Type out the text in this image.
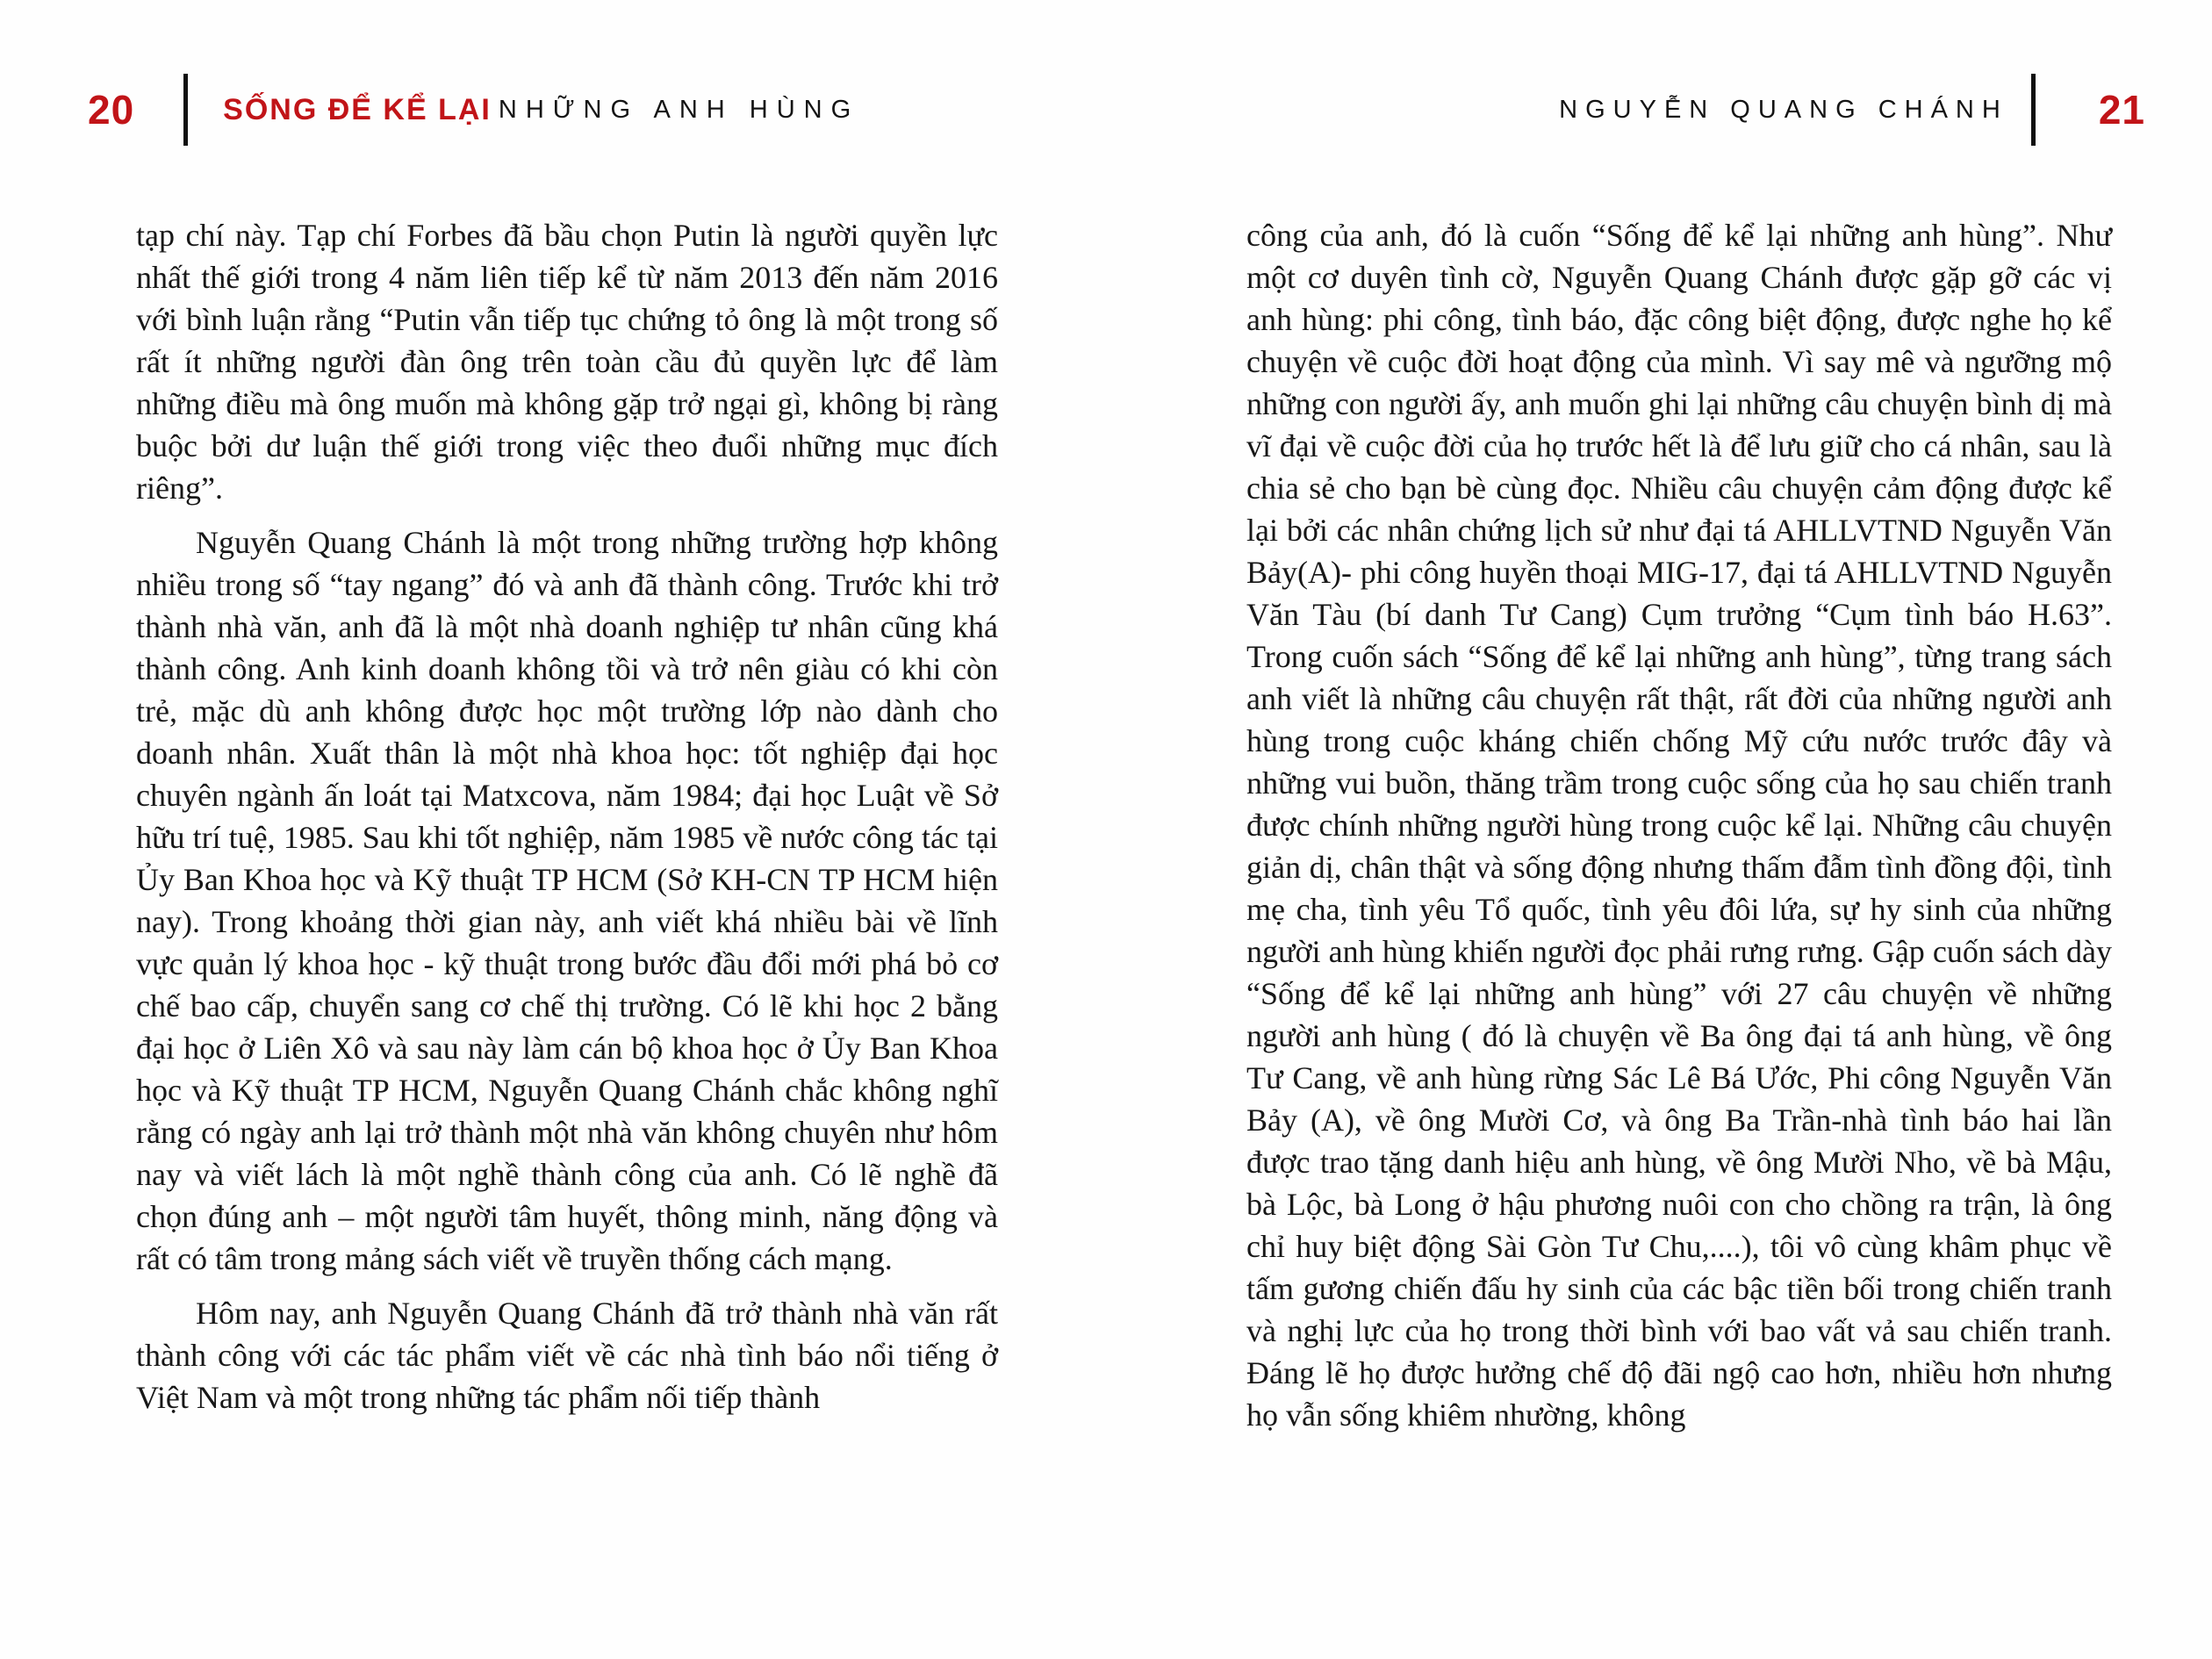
20	SỐNG ĐỂ KỂ LẠI NHỮNG ANH HÙNG

tạp chí này. Tạp chí Forbes đã bầu chọn Putin là người quyền lực nhất thế giới trong 4 năm liên tiếp kể từ năm 2013 đến năm 2016 với bình luận rằng “Putin vẫn tiếp tục chứng tỏ ông là một trong số rất ít những người đàn ông trên toàn cầu đủ quyền lực để làm những điều mà ông muốn mà không gặp trở ngại gì, không bị ràng buộc bởi dư luận thế giới trong việc theo đuổi những mục đích riêng”.

Nguyễn Quang Chánh là một trong những trường hợp không nhiều trong số “tay ngang” đó và anh đã thành công. Trước khi trở thành nhà văn, anh đã là một nhà doanh nghiệp tư nhân cũng khá thành công. Anh kinh doanh không tồi và trở nên giàu có khi còn trẻ, mặc dù anh không được học một trường lớp nào dành cho doanh nhân. Xuất thân là một nhà khoa học: tốt nghiệp đại học chuyên ngành ấn loát tại Matxcova, năm 1984; đại học Luật về Sở hữu trí tuệ, 1985. Sau khi tốt nghiệp, năm 1985 về nước công tác tại Ủy Ban Khoa học và Kỹ thuật TP HCM (Sở KH-CN TP HCM hiện nay). Trong khoảng thời gian này, anh viết khá nhiều bài về lĩnh vực quản lý khoa học - kỹ thuật trong bước đầu đổi mới phá bỏ cơ chế bao cấp, chuyển sang cơ chế thị trường. Có lẽ khi học 2 bằng đại học ở Liên Xô và sau này làm cán bộ khoa học ở Ủy Ban Khoa học và Kỹ thuật TP HCM, Nguyễn Quang Chánh chắc không nghĩ rằng có ngày anh lại trở thành một nhà văn không chuyên như hôm nay và viết lách là một nghề thành công của anh. Có lẽ nghề đã chọn đúng anh – một người tâm huyết, thông minh, năng động và rất có tâm trong mảng sách viết về truyền thống cách mạng.

Hôm nay, anh Nguyễn Quang Chánh đã trở thành nhà văn rất thành công với các tác phẩm viết về các nhà tình báo nổi tiếng ở Việt Nam và một trong những tác phẩm nối tiếp thành

NGUYỄN QUANG CHÁNH 21

công của anh, đó là cuốn “Sống để kể lại những anh hùng”. Như một cơ duyên tình cờ, Nguyễn Quang Chánh được gặp gỡ các vị anh hùng: phi công, tình báo, đặc công biệt động, được nghe họ kể chuyện về cuộc đời hoạt động của mình. Vì say mê và ngưỡng mộ những con người ấy, anh muốn ghi lại những câu chuyện bình dị mà vĩ đại về cuộc đời của họ trước hết là để lưu giữ cho cá nhân, sau là chia sẻ cho bạn bè cùng đọc. Nhiều câu chuyện cảm động được kể lại bởi các nhân chứng lịch sử như đại tá AHLLVTND Nguyễn Văn Bảy(A)- phi công huyền thoại MIG-17, đại tá AHLLVTND Nguyễn Văn Tàu (bí danh Tư Cang) Cụm trưởng “Cụm tình báo H.63”. Trong cuốn sách “Sống để kể lại những anh hùng”, từng trang sách anh viết là những câu chuyện rất thật, rất đời của những người anh hùng trong cuộc kháng chiến chống Mỹ cứu nước trước đây và những vui buồn, thăng trầm trong cuộc sống của họ sau chiến tranh được chính những người hùng trong cuộc kể lại. Những câu chuyện giản dị, chân thật và sống động nhưng thấm đẫm tình đồng đội, tình mẹ cha, tình yêu Tổ quốc, tình yêu đôi lứa, sự hy sinh của những người anh hùng khiến người đọc phải rưng rưng. Gập cuốn sách dày “Sống để kể lại những anh hùng” với 27 câu chuyện về những người anh hùng ( đó là chuyện về Ba ông đại tá anh hùng, về ông Tư Cang, về anh hùng rừng Sác Lê Bá Ước, Phi công Nguyễn Văn Bảy (A), về ông Mười Cơ, và ông Ba Trần-nhà tình báo hai lần được trao tặng danh hiệu anh hùng, về ông Mười Nho, về bà Mậu, bà Lộc, bà Long ở hậu phương nuôi con cho chồng ra trận, là ông chỉ huy biệt động Sài Gòn Tư Chu,....), tôi vô cùng khâm phục về tấm gương chiến đấu hy sinh của các bậc tiền bối trong chiến tranh và nghị lực của họ trong thời bình với bao vất vả sau chiến tranh. Đáng lẽ họ được hưởng chế độ đãi ngộ cao hơn, nhiều hơn nhưng họ vẫn sống khiêm nhường, không
